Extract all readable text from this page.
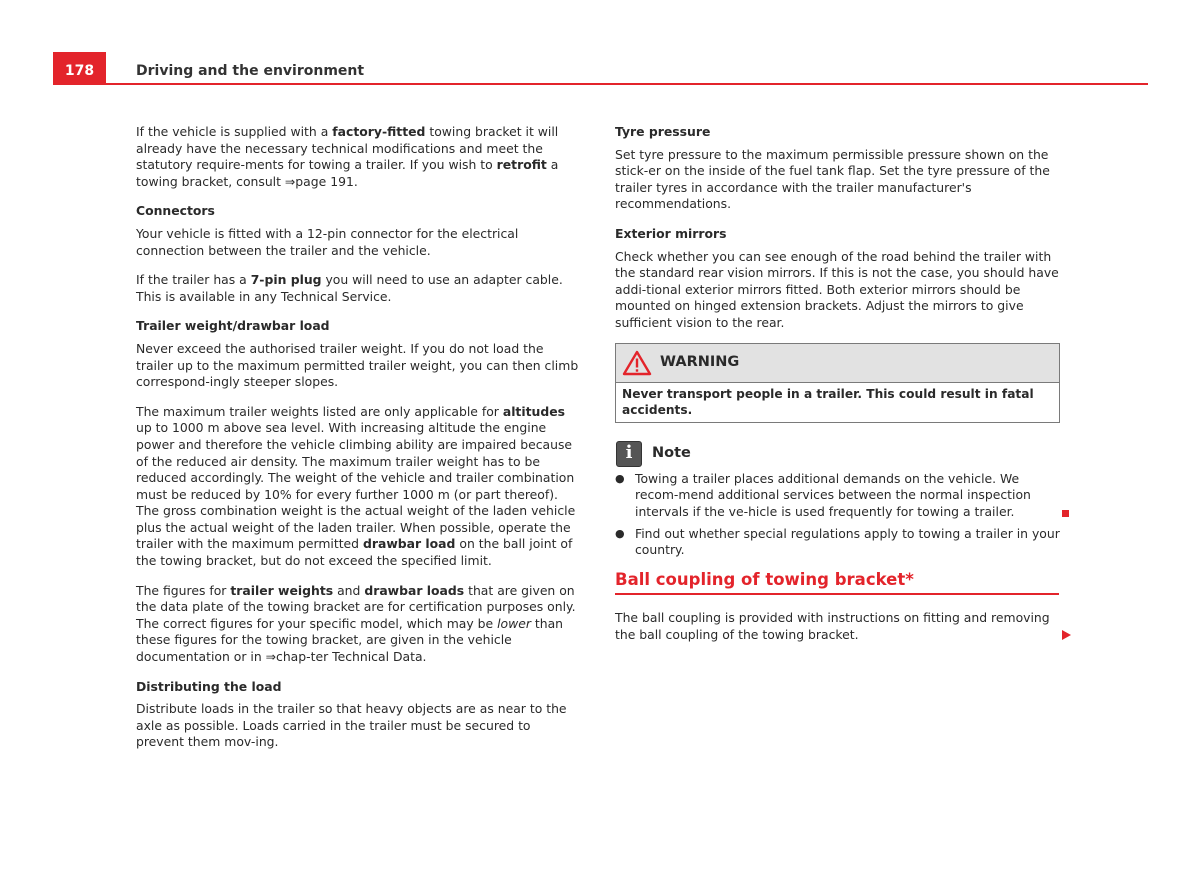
178	Driving and the environment

If the vehicle is supplied with a factory-fitted towing bracket it will already have the necessary technical modifications and meet the statutory require-ments for towing a trailer. If you wish to retrofit a towing bracket, consult ⇒page 191.

Connectors

Your vehicle is fitted with a 12-pin connector for the electrical connection between the trailer and the vehicle.

If the trailer has a 7-pin plug you will need to use an adapter cable. This is available in any Technical Service.

Trailer weight/drawbar load

Never exceed the authorised trailer weight. If you do not load the trailer up to the maximum permitted trailer weight, you can then climb correspond-ingly steeper slopes.

The maximum trailer weights listed are only applicable for altitudes up to 1000 m above sea level. With increasing altitude the engine power and therefore the vehicle climbing ability are impaired because of the reduced air density. The maximum trailer weight has to be reduced accordingly. The weight of the vehicle and trailer combination must be reduced by 10% for every further 1000 m (or part thereof). The gross combination weight is the actual weight of the laden vehicle plus the actual weight of the laden trailer. When possible, operate the trailer with the maximum permitted drawbar load on the ball joint of the towing bracket, but do not exceed the specified limit.

The figures for trailer weights and drawbar loads that are given on the data plate of the towing bracket are for certification purposes only. The correct figures for your specific model, which may be lower than these figures for the towing bracket, are given in the vehicle documentation or in ⇒chap-ter Technical Data.

Distributing the load

Distribute loads in the trailer so that heavy objects are as near to the axle as possible. Loads carried in the trailer must be secured to prevent them mov-ing.

Tyre pressure

Set tyre pressure to the maximum permissible pressure shown on the stick-er on the inside of the fuel tank flap. Set the tyre pressure of the trailer tyres in accordance with the trailer manufacturer's recommendations.

Exterior mirrors

Check whether you can see enough of the road behind the trailer with the standard rear vision mirrors. If this is not the case, you should have addi-tional exterior mirrors fitted. Both exterior mirrors should be mounted on hinged extension brackets. Adjust the mirrors to give sufficient vision to the rear.

WARNING
Never transport people in a trailer. This could result in fatal accidents.
i	Note
● Towing a trailer places additional demands on the vehicle. We recom-mend additional services between the normal inspection intervals if the ve-hicle is used frequently for towing a trailer.
● Find out whether special regulations apply to towing a trailer in your country.
Ball coupling of towing bracket*

The ball coupling is provided with instructions on fitting and removing the ball coupling of the towing bracket.
